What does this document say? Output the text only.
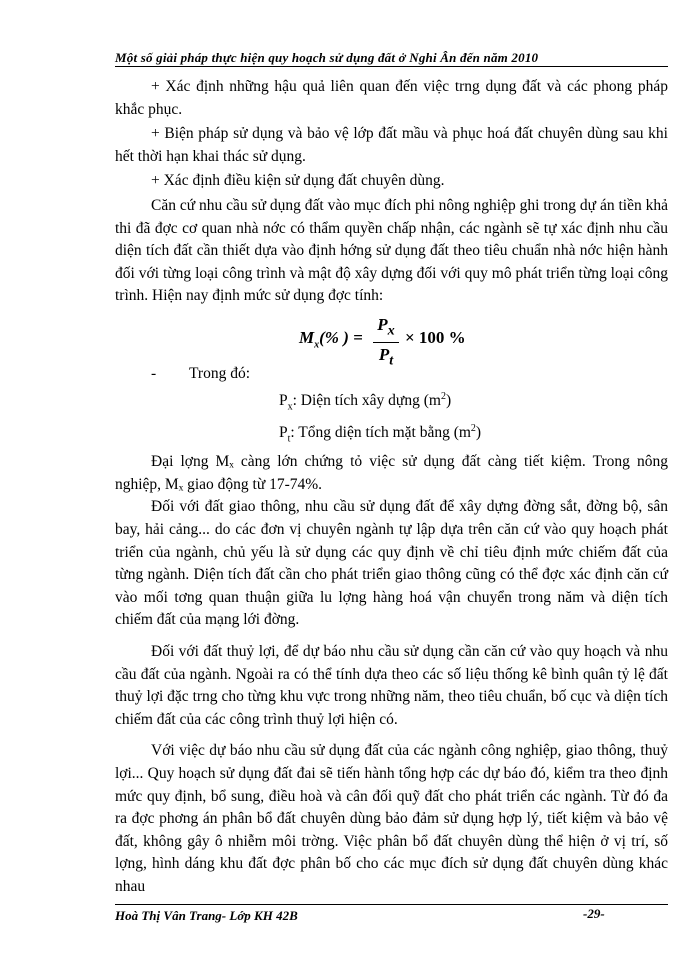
Một số giải pháp thực hiện quy hoạch sử dụng đất ở Nghi Ân đến năm 2010

+ Xác định những hậu quả liên quan đến việc trng dụng đất và các phong pháp khắc phục.

+ Biện pháp sử dụng và bảo vệ lớp đất mầu và phục hoá đất chuyên dùng sau khi hết thời hạn khai thác sử dụng.

+ Xác định điều kiện sử dụng đất chuyên dùng.

Căn cứ nhu cầu sử dụng đất vào mục đích phi nông nghiệp ghi trong dự án tiền khả thi đã đợc cơ quan nhà nớc có thẩm quyền chấp nhận, các ngành sẽ tự xác định nhu cầu diện tích đất cần thiết dựa vào định hớng sử dụng đất theo tiêu chuẩn nhà nớc hiện hành đối với từng loại công trình và mật độ xây dựng đối với quy mô phát triển từng loại công trình. Hiện nay định mức sử dụng đợc tính:

$M_x(\%$ ) =
$P_x$
$P_t$
× 100 %

- Trong đó:

$P_x$: Diện tích xây dựng $(m^2)$

$P_t$: Tổng diện tích mặt bằng $(m^2)$

Đại lợng Mₓ càng lớn chứng tỏ việc sử dụng đất càng tiết kiệm. Trong nông nghiệp, Mₓ giao động từ 17-74%.

Đối với đất giao thông, nhu cầu sử dụng đất để xây dựng đờng sắt, đờng bộ, sân bay, hải cảng... do các đơn vị chuyên ngành tự lập dựa trên căn cứ vào quy hoạch phát triển của ngành, chủ yếu là sử dụng các quy định về chỉ tiêu định mức chiếm đất của từng ngành. Diện tích đất cần cho phát triển giao thông cũng có thể đợc xác định căn cứ vào mối tơng quan thuận giữa lu lợng hàng hoá vận chuyển trong năm và diện tích chiếm đất của mạng lới đờng.

Đối với đất thuỷ lợi, để dự báo nhu cầu sử dụng cần căn cứ vào quy hoạch và nhu cầu đất của ngành. Ngoài ra có thể tính dựa theo các số liệu thống kê bình quân tỷ lệ đất thuỷ lợi đặc trng cho từng khu vực trong những năm, theo tiêu chuẩn, bố cục và diện tích chiếm đất của các công trình thuỷ lợi hiện có.

Với việc dự báo nhu cầu sử dụng đất của các ngành công nghiệp, giao thông, thuỷ lợi... Quy hoạch sử dụng đất đai sẽ tiến hành tổng hợp các dự báo đó, kiểm tra theo định mức quy định, bổ sung, điều hoà và cân đối quỹ đất cho phát triển các ngành. Từ đó đa ra đợc phơng án phân bổ đất chuyên dùng bảo đảm sử dụng hợp lý, tiết kiệm và bảo vệ đất, không gây ô nhiễm môi trờng. Việc phân bổ đất chuyên dùng thể hiện ở vị trí, số lợng, hình dáng khu đất đợc phân bố cho các mục đích sử dụng đất chuyên dùng khác nhau

Hoà Thị Vân Trang- Lớp KH 42B	-29-
